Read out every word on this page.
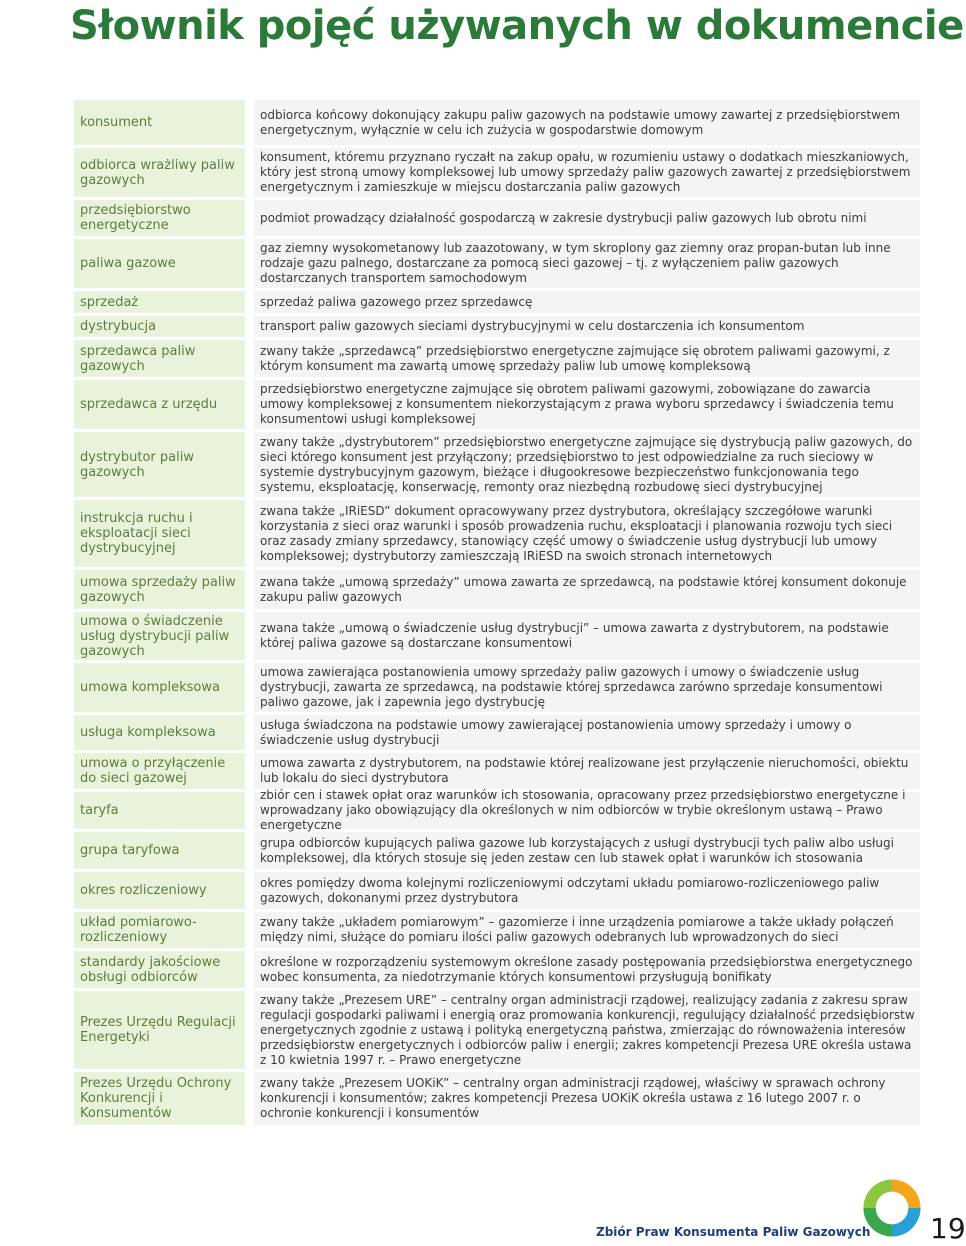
Słownik pojęć używanych w dokumencie
konsument
odbiorca końcowy dokonujący zakupu paliw gazowych na podstawie umowy zawartej z przedsiębiorstwem energetycznym, wyłącznie w celu ich zużycia w gospodarstwie domowym
odbiorca wrażliwy paliw gazowych
konsument, któremu przyznano ryczałt na zakup opału, w rozumieniu ustawy o dodatkach mieszkaniowych, który jest stroną umowy kompleksowej lub umowy sprzedaży paliw gazowych zawartej z przedsiębiorstwem energetycznym i zamieszkuje w miejscu dostarczania paliw gazowych
przedsiębiorstwo energetyczne
podmiot prowadzący działalność gospodarczą w zakresie dystrybucji paliw gazowych lub obrotu nimi
paliwa gazowe
gaz ziemny wysokometanowy lub zaazotowany, w tym skroplony gaz ziemny oraz propan-butan lub inne rodzaje gazu palnego, dostarczane za pomocą sieci gazowej – tj. z wyłączeniem paliw gazowych dostarczanych transportem samochodowym
sprzedaż	sprzedaż paliwa gazowego przez sprzedawcę
dystrybucja	transport paliw gazowych sieciami dystrybucyjnymi w celu dostarczenia ich konsumentom
sprzedawca paliw gazowych
zwany także „sprzedawcą” przedsiębiorstwo energetyczne zajmujące się obrotem paliwami gazowymi, z którym konsument ma zawartą umowę sprzedaży paliw lub umowę kompleksową
sprzedawca z urzędu
przedsiębiorstwo energetyczne zajmujące się obrotem paliwami gazowymi, zobowiązane do zawarcia umowy kompleksowej z konsumentem niekorzystającym z prawa wyboru sprzedawcy i świadczenia temu konsumentowi usługi kompleksowej
dystrybutor paliw gazowych
zwany także „dystrybutorem” przedsiębiorstwo energetyczne zajmujące się dystrybucją paliw gazowych, do sieci którego konsument jest przyłączony; przedsiębiorstwo to jest odpowiedzialne za ruch sieciowy w systemie dystrybucyjnym gazowym, bieżące i długookresowe bezpieczeństwo funkcjonowania tego systemu, eksploatację, konserwację, remonty oraz niezbędną rozbudowę sieci dystrybucyjnej
instrukcja ruchu i eksploatacji sieci dystrybucyjnej
zwana także „IRiESD” dokument opracowywany przez dystrybutora, określający szczegółowe warunki korzystania z sieci oraz warunki i sposób prowadzenia ruchu, eksploatacji i planowania rozwoju tych sieci oraz zasady zmiany sprzedawcy, stanowiący część umowy o świadczenie usług dystrybucji lub umowy kompleksowej; dystrybutorzy zamieszczają IRiESD na swoich stronach internetowych
umowa sprzedaży paliw gazowych
zwana także „umową sprzedaży” umowa zawarta ze sprzedawcą, na podstawie której konsument dokonuje zakupu paliw gazowych
umowa o świadczenie usług dystrybucji paliw gazowych
zwana także „umową o świadczenie usług dystrybucji” – umowa zawarta z dystrybutorem, na podstawie której paliwa gazowe są dostarczane konsumentowi
umowa kompleksowa
umowa zawierająca postanowienia umowy sprzedaży paliw gazowych i umowy o świadczenie usług dystrybucji, zawarta ze sprzedawcą, na podstawie której sprzedawca zarówno sprzedaje konsumentowi paliwo gazowe, jak i zapewnia jego dystrybucję
usługa kompleksowa
usługa świadczona na podstawie umowy zawierającej postanowienia umowy sprzedaży i umowy o świadczenie usług dystrybucji
umowa o przyłączenie do sieci gazowej
umowa zawarta z dystrybutorem, na podstawie której realizowane jest przyłączenie nieruchomości, obiektu lub lokalu do sieci dystrybutora
taryfa
zbiór cen i stawek opłat oraz warunków ich stosowania, opracowany przez przedsiębiorstwo energetyczne i wprowadzany jako obowiązujący dla określonych w nim odbiorców w trybie określonym ustawą – Prawo energetyczne
grupa taryfowa
grupa odbiorców kupujących paliwa gazowe lub korzystających z usługi dystrybucji tych paliw albo usługi kompleksowej, dla których stosuje się jeden zestaw cen lub stawek opłat i warunków ich stosowania
okres rozliczeniowy
okres pomiędzy dwoma kolejnymi rozliczeniowymi odczytami układu pomiarowo-rozliczeniowego paliw gazowych, dokonanymi przez dystrybutora
układ pomiarowo-rozliczeniowy
zwany także „układem pomiarowym” – gazomierze i inne urządzenia pomiarowe a także układy połączeń między nimi, służące do pomiaru ilości paliw gazowych odebranych lub wprowadzonych do sieci
standardy jakościowe obsługi odbiorców
określone w rozporządzeniu systemowym określone zasady postępowania przedsiębiorstwa energetycznego wobec konsumenta, za niedotrzymanie których konsumentowi przysługują bonifikaty
Prezes Urzędu Regulacji Energetyki
zwany także „Prezesem URE” – centralny organ administracji rządowej, realizujący zadania z zakresu spraw regulacji gospodarki paliwami i energią oraz promowania konkurencji, regulujący działalność przedsiębiorstw energetycznych zgodnie z ustawą i polityką energetyczną państwa, zmierzając do równoważenia interesów przedsiębiorstw energetycznych i odbiorców paliw i energii; zakres kompetencji Prezesa URE określa ustawa z 10 kwietnia 1997 r. – Prawo energetyczne
Prezes Urzędu Ochrony Konkurencji i Konsumentów
zwany także „Prezesem UOKiK” – centralny organ administracji rządowej, właściwy w sprawach ochrony konkurencji i konsumentów; zakres kompetencji Prezesa UOKiK określa ustawa z 16 lutego 2007 r. o ochronie konkurencji i konsumentów
Zbiór Praw Konsumenta Paliw Gazowych 19
